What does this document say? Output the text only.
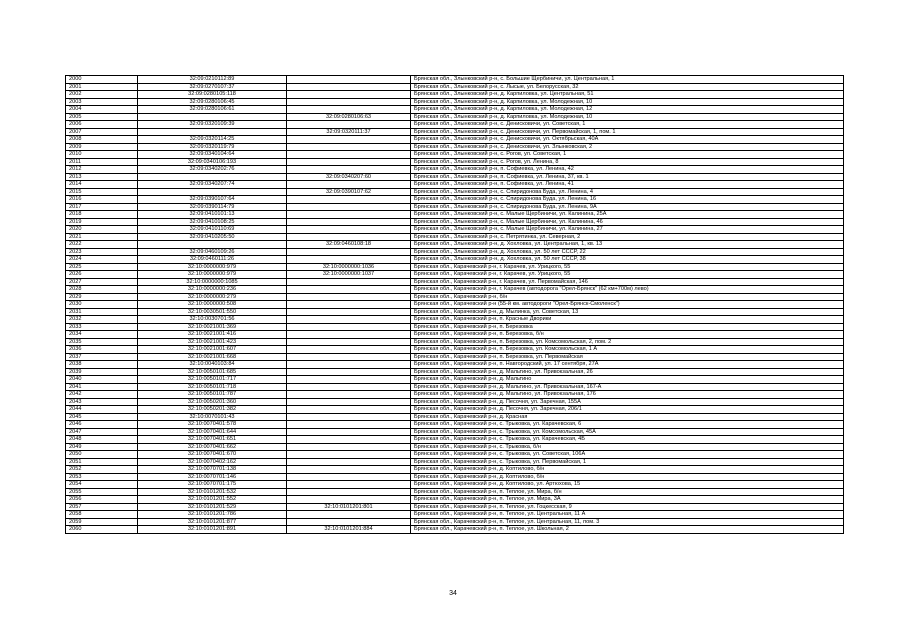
2000	32:09:0210112:89		Брянская обл., Злынковский р-н, с. Большие Щербиничи, ул. Центральная, 1
2001	32:09:0270107:37		Брянская обл., Злынковский р-н, с. Лысые, ул. Белорусская, 32
2002	32:09:0280105:118		Брянская обл., Злынковский р-н, д. Карпиловка, ул. Центральная, 51
2003	32:09:0280106:45		Брянская обл., Злынковский р-н, д. Карпиловка, ул. Молодежная, 10
2004	32:09:0280106:61		Брянская обл., Злынковский р-н, д. Карпиловка, ул. Молодежная, 12
2005		32:09:0280106:63	Брянская обл., Злынковский р-н, д. Карпиловка, ул. Молодежная, 10
2006	32:09:0320109:39		Брянская обл., Злынковский р-н, с. Денисковичи, ул. Советская, 1
2007		32:09:0320111:37	Брянская обл., Злынковский р-н, с. Денисковичи, ул. Первомайская, 1, пом. 1
2008	32:09:0320114:25		Брянская обл., Злынковский р-н, с. Денисковичи, ул. Октябрьская, 40А
2009	32:09:0320119:79		Брянская обл., Злынковский р-н, с. Денисковичи, ул. Злынковская, 2
2010	32:09:0340104:64		Брянская обл., Злынковский р-н, с. Рогов, ул. Советская, 1
2011	32:09:0340106:193		Брянская обл., Злынковский р-н, с. Рогов, ул. Ленина, 8
2012	32:09:0340202:76		Брянская обл., Злынковский р-н, п. Софиевка, ул. Ленина, 42
2013		32:09:0340207:60	Брянская обл., Злынковский р-н, п. Софиевка, ул. Ленина, 37, кв. 1
2014	32:09:0340207:74		Брянская обл., Злынковский р-н, п. Софиевка, ул. Ленина, 41
2015		32:09:0390107:62	Брянская обл., Злынковский р-н, с. Спиридонова Буда, ул. Ленина, 4
2016	32:09:0390107:64		Брянская обл., Злынковский р-н, с. Спиридонова Буда, ул. Ленина, 16
2017	32:09:0390114:79		Брянская обл., Злынковский р-н, с. Спиридонова Буда, ул. Ленина, 9А
2018	32:09:0410101:13		Брянская обл., Злынковский р-н, с. Малые Щербиничи, ул. Калинина, 25А
2019	32:09:0410108:25		Брянская обл., Злынковский р-н, с. Малые Щербиничи, ул. Калинина, 46
2020	32:09:0410110:69		Брянская обл., Злынковский р-н, с. Малые Щербиничи, ул. Калинина, 27
2021	32:09:0410205:50		Брянская обл., Злынковский р-н, с. Петрятинка, ул. Северная, 2
2022		32:09:0460108:18	Брянская обл., Злынковский р-н, д. Хохловка, ул. Центральная, 1, кв. 13
2023	32:09:0460109:26		Брянская обл., Злынковский р-н, д. Хохловка, ул. 50 лет СССР, 22
2024	32:09:0460111:26		Брянская обл., Злынковский р-н, д. Хохловка, ул. 50 лет СССР, 38
2025	32:10:0000000:979	32:10:0000000:1036	Брянская обл., Карачевский р-н, г. Карачев, ул. Урицкого, 55
2026	32:10:0000000:979	32:10:0000000:1037	Брянская обл., Карачевский р-н, г. Карачев, ул. Урицкого, 55
2027	32:10:0000000:1085		Брянская обл., Карачевский р-н, г. Карачев, ул. Первомайская, 146
2028	32:10:0000000:236		Брянская обл., Карачевский р-н, г. Карачев (автодорога "Орел-Брянск" (62 км+700м) лево)
2029	32:10:0000000:279		Брянская обл., Карачевский р-н, б/н
2030	32:10:0000000:508		Брянская обл., Карачевский р-н (55-й км. автодороги "Орел-Брянск-Смоленск")
2031	32:10:0030501:550		Брянская обл., Карачевский р-н, д. Мылинка, ул. Советская, 13
2032	32:10:0030701:56		Брянская обл., Карачевский р-н, п. Красные Дворики
2033	32:10:0021001:369		Брянская обл., Карачевский р-н, п. Березовка
2034	32:10:0021001:416		Брянская обл., Карачевский р-н, п. Березовка, б/н
2035	32:10:0021001:423		Брянская обл., Карачевский р-н, п. Березовка, ул. Комсомольская, 2, пом. 2
2036	32:10:0021001:607		Брянская обл., Карачевский р-н, п. Березовка, ул. Комсомольская, 1 А
2037	32:10:0021001:668		Брянская обл., Карачевский р-н, п. Березовка, ул. Первомайская
2038	32:10:0040103:84		Брянская обл., Карачевский р-н, п. Навгородский, ул. 17 сентября, 27А
2039	32:10:0050101:685		Брянская обл., Карачевский р-н, д. Мальтино, ул. Привокзальная, 26
2040	32:10:0050101:717		Брянская обл., Карачевский р-н, д. Мальтино
2041	32:10:0050101:718		Брянская обл., Карачевский р-н, д. Мальтино, ул. Привокзальная, 167-А
2042	32:10:0050101:787		Брянская обл., Карачевский р-н, д. Мальтино, ул. Привокзальная, 176
2043	32:10:0050201:360		Брянская обл., Карачевский р-н, д. Песочня, ул. Заречная, 155А
2044	32:10:0050201:382		Брянская обл., Карачевский р-н, д. Песочня, ул. Заречная, 206/1
2045	32:10:0070101:43		Брянская обл., Карачевский р-н, д. Красная
2046	32:10:0070401:578		Брянская обл., Карачевский р-н, с. Трыковка, ул. Карачевская, 6
2047	32:10:0070401:644		Брянская обл., Карачевский р-н, с. Трыковка, ул. Комсомольская, 45А
2048	32:10:0070401:651		Брянская обл., Карачевский р-н, с. Трыковка, ул. Карачевская, 4Б
2049	32:10:0070401:662		Брянская обл., Карачевский р-н, с. Трыковка, б/н
2050	32:10:0070401:670		Брянская обл., Карачевский р-н, с. Трыковка, ул. Советская, 106А
2051	32:10:0070402:162		Брянская обл., Карачевский р-н, с. Трыковка, ул. Первомайская, 1
2052	32:10:0070701:138		Брянская обл., Карачевский р-н, д. Коптилово, б/н
2053	32:10:0070701:146		Брянская обл., Карачевский р-н, д. Коптилово, б/н
2054	32:10:0070701:175		Брянская обл., Карачевский р-н, д. Коптилово, ул. Артюхова, 15
2055	32:10:0101201:532		Брянская обл., Карачевский р-н, п. Теплое, ул. Мира, б/н
2056	32:10:0101201:552		Брянская обл., Карачевский р-н, п. Теплое, ул. Мира, 3А
2057	32:10:0101201:529	32:10:0101201:801	Брянская обл., Карачевский р-н, п. Теплое, ул. Гоцкесская, 9
2058	32:10:0101201:786		Брянская обл., Карачевский р-н, п. Теплое, ул. Центральная, 11 А
2059	32:10:0101201:877		Брянская обл., Карачевский р-н, п. Теплое, ул. Центральная, 11, пом. 3
2060	32:10:0101201:891	32:10:0101201:884	Брянская обл., Карачевский р-н, п. Теплое, ул. Школьная, 2
34
